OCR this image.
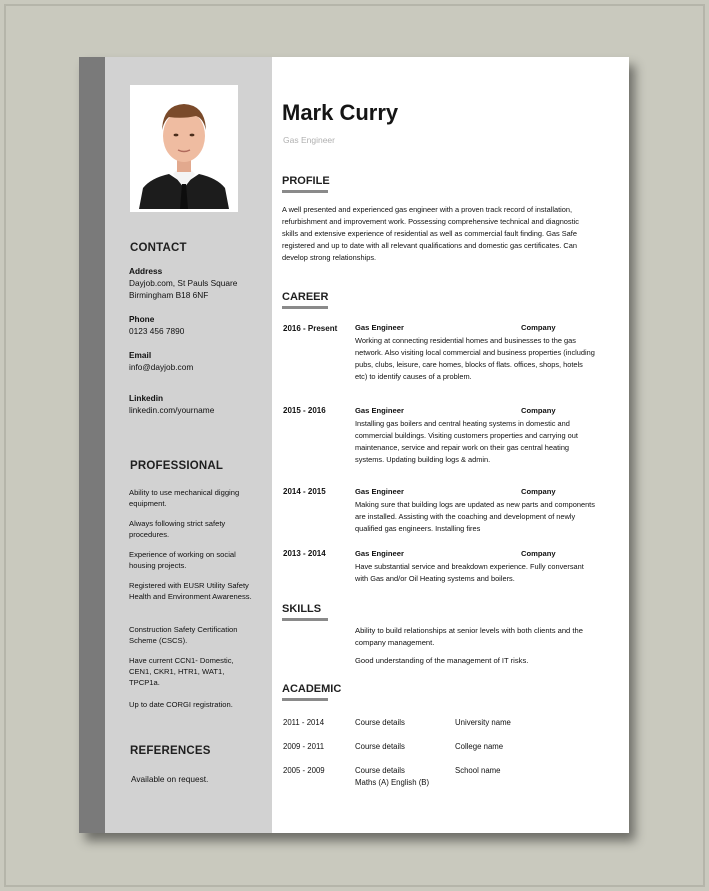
CONTACT
Address
Dayjob.com, St Pauls Square
Birmingham B18 6NF
Phone
0123 456 7890
Email
info@dayjob.com
Linkedin
linkedin.com/yourname
PROFESSIONAL
Ability to use mechanical digging equipment.
Always following strict safety procedures.
Experience of working on social housing projects.
Registered with EUSR Utility Safety Health and Environment Awareness.
Construction Safety Certification Scheme (CSCS).
Have current CCN1- Domestic, CEN1, CKR1, HTR1, WAT1, TPCP1a.
Up to date CORGI registration.
REFERENCES
Available on request.
Mark Curry
Gas Engineer
PROFILE
A well presented and experienced gas engineer with a proven track record of installation, refurbishment and improvement work. Possessing comprehensive technical and diagnostic skills and extensive experience of residential as well as commercial fault finding. Gas Safe registered and up to date with all relevant qualifications and domestic gas certificates. Can develop strong relationships.
CAREER
2016 - Present Gas Engineer	Company
Working at connecting residential homes and businesses to the gas network. Also visiting local commercial and business properties (including pubs, clubs, leisure, care homes, blocks of flats. offices, shops, hotels etc) to identify causes of a problem.
2015 - 2016	Gas Engineer	Company
Installing gas boilers and central heating systems in domestic and commercial buildings. Visiting customers properties and carrying out maintenance, service and repair work on their gas central heating systems. Updating building logs & admin.
2014 - 2015	Gas Engineer	Company
Making sure that building logs are updated as new parts and components are installed. Assisting with the coaching and development of newly qualified gas engineers. Installing fires
2013 - 2014	Gas Engineer	Company
Have substantial service and breakdown experience. Fully conversant with Gas and/or Oil Heating systems and boilers.
SKILLS
Ability to build relationships at senior levels with both clients and the company management.
Good understanding of the management of IT risks.
ACADEMIC
2011 - 2014	Course details	University name
2009 - 2011	Course details	College name
2005 - 2009	Course details	School name
Maths (A) English (B)
